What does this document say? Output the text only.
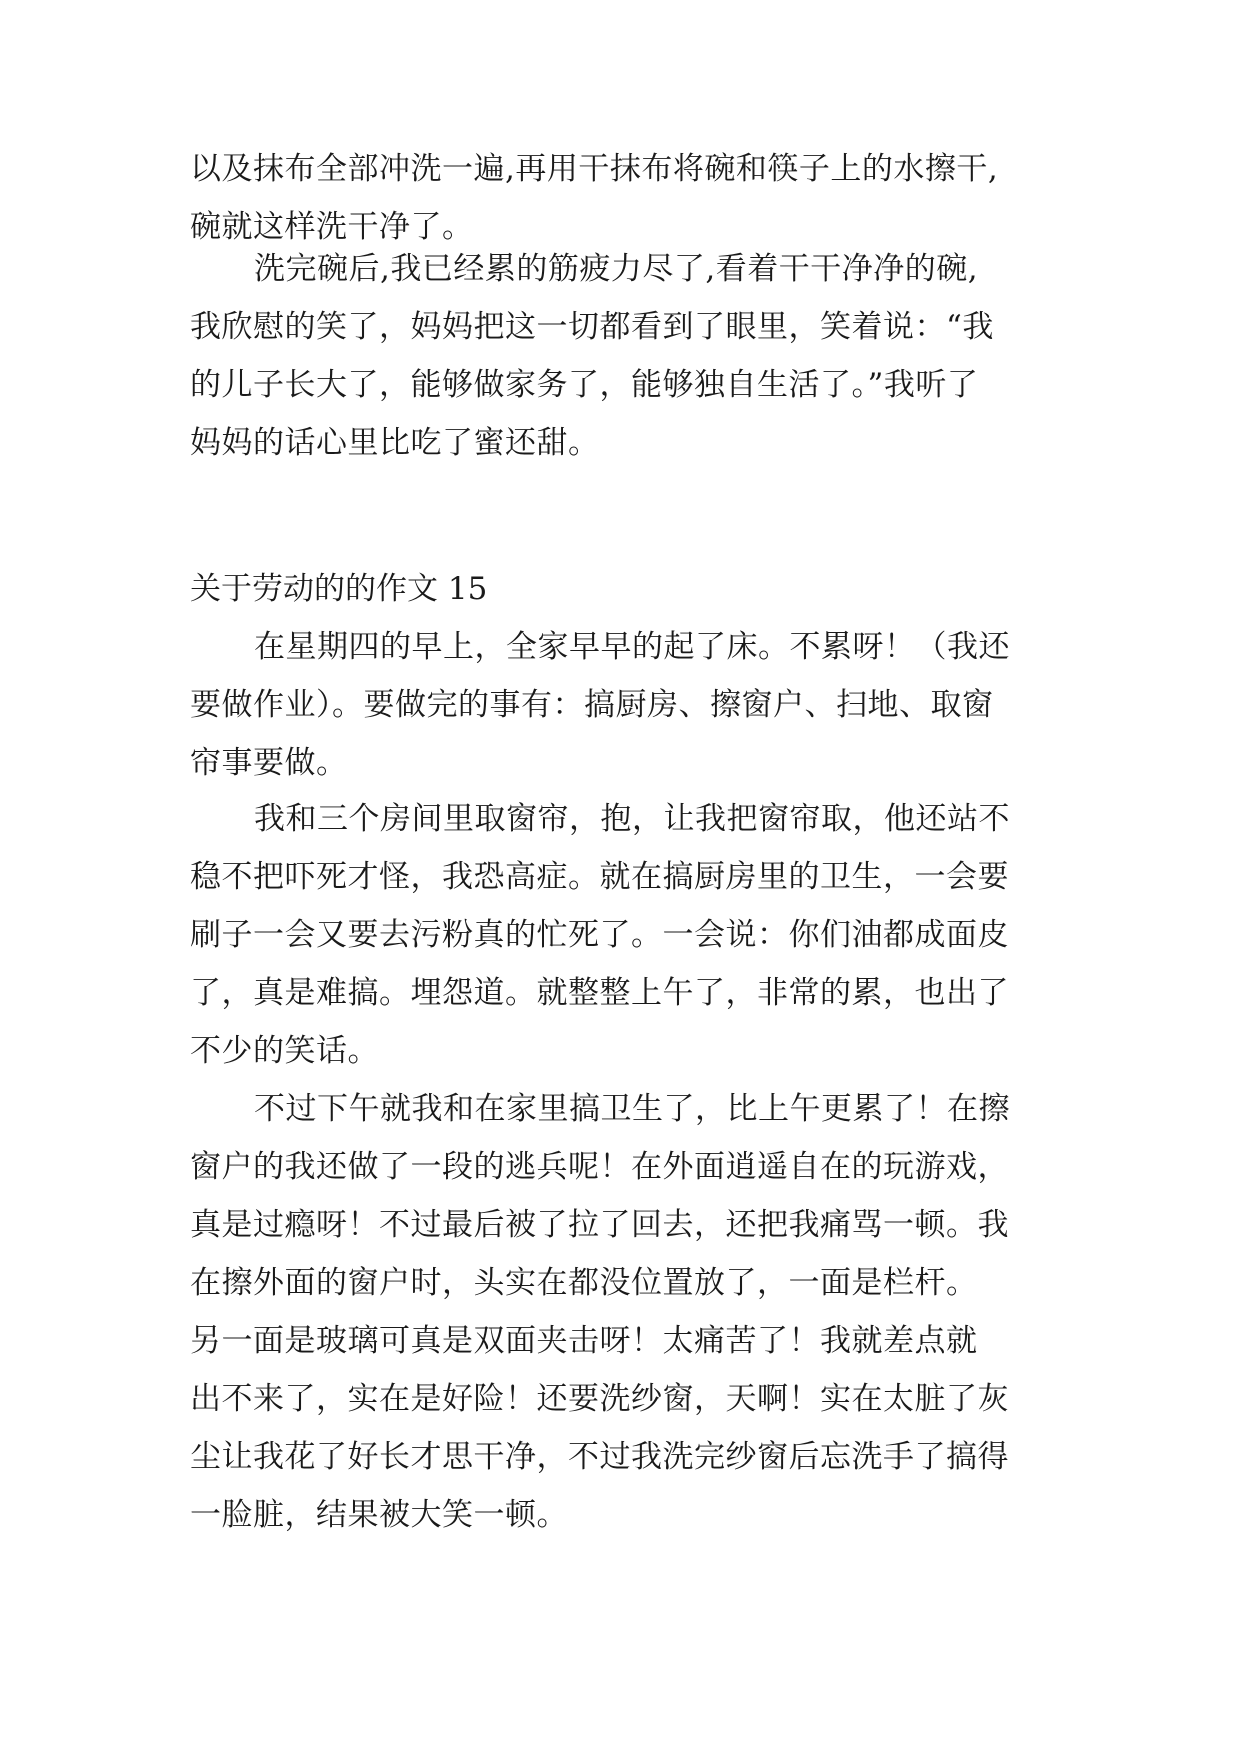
以及抹布全部冲洗一遍,再用干抹布将碗和筷子上的水擦干,
碗就这样洗干净了。
洗完碗后,我已经累的筋疲力尽了,看着干干净净的碗,
我欣慰的笑了，妈妈把这一切都看到了眼里，笑着说：“我
的儿子长大了，能够做家务了，能够独自生活了。”我听了
妈妈的话心里比吃了蜜还甜。
关于劳动的的作文 15
在星期四的早上，全家早早的起了床。不累呀！（我还
要做作业）。要做完的事有：搞厨房、擦窗户、扫地、取窗
帘事要做。
我和三个房间里取窗帘，抱，让我把窗帘取，他还站不
稳不把吓死才怪，我恐高症。就在搞厨房里的卫生，一会要
刷子一会又要去污粉真的忙死了。一会说：你们油都成面皮
了，真是难搞。埋怨道。就整整上午了，非常的累，也出了
不少的笑话。
不过下午就我和在家里搞卫生了，比上午更累了！在擦
窗户的我还做了一段的逃兵呢！在外面逍遥自在的玩游戏，
真是过瘾呀！不过最后被了拉了回去，还把我痛骂一顿。我
在擦外面的窗户时，头实在都没位置放了，一面是栏杆。
另一面是玻璃可真是双面夹击呀！太痛苦了！我就差点就
出不来了，实在是好险！还要洗纱窗，天啊！实在太脏了灰
尘让我花了好长才思干净，不过我洗完纱窗后忘洗手了搞得
一脸脏，结果被大笑一顿。
